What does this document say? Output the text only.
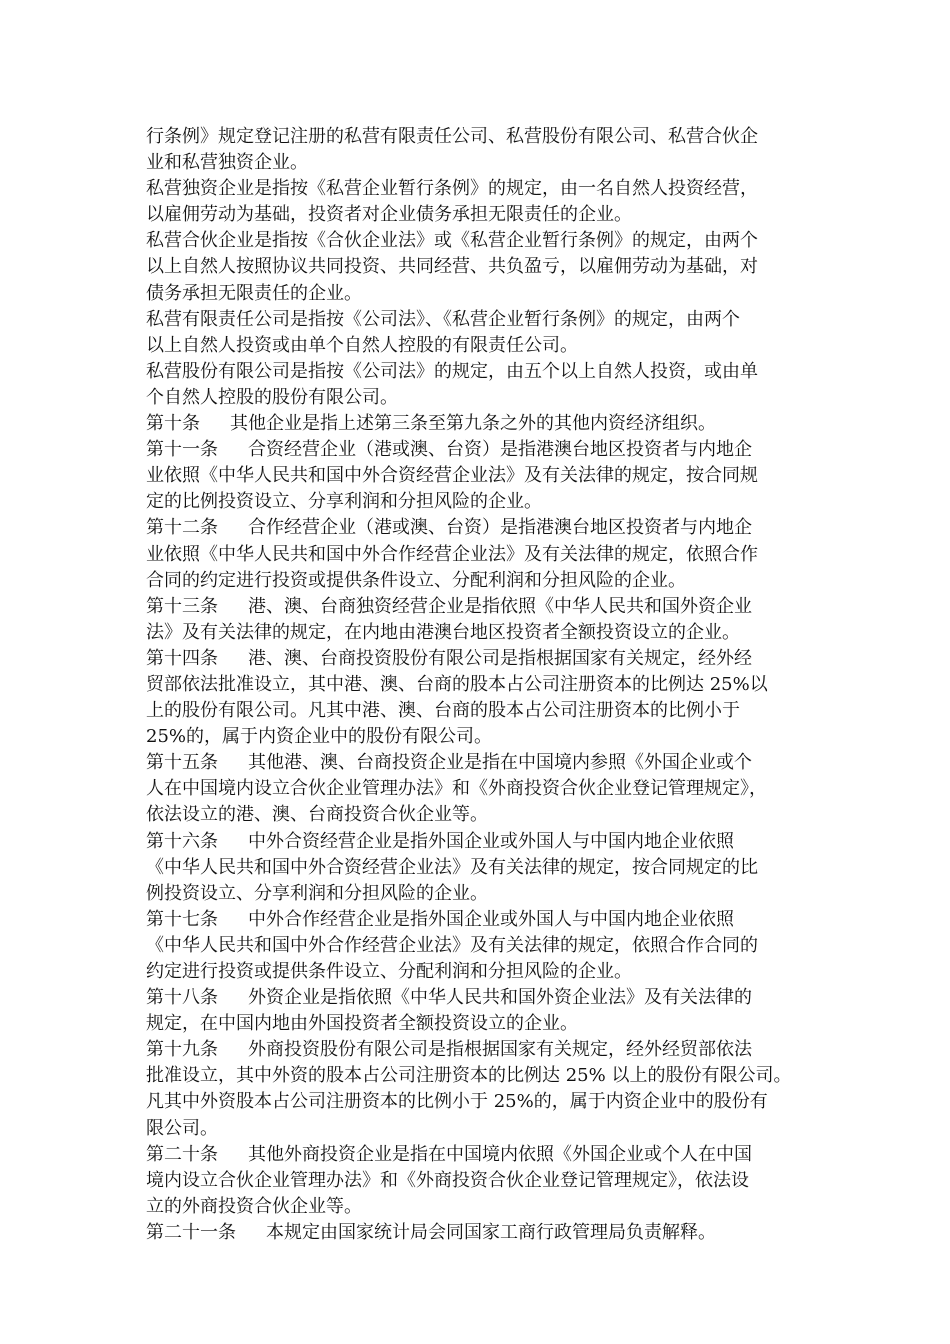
行条例》规定登记注册的私营有限责任公司、私营股份有限公司、私营合伙企
业和私营独资企业。
私营独资企业是指按《私营企业暂行条例》的规定，由一名自然人投资经营，
以雇佣劳动为基础，投资者对企业债务承担无限责任的企业。
私营合伙企业是指按《合伙企业法》或《私营企业暂行条例》的规定，由两个
以上自然人按照协议共同投资、共同经营、共负盈亏，以雇佣劳动为基础，对
债务承担无限责任的企业。
私营有限责任公司是指按《公司法》、《私营企业暂行条例》的规定，由两个
以上自然人投资或由单个自然人控股的有限责任公司。
私营股份有限公司是指按《公司法》的规定，由五个以上自然人投资，或由单
个自然人控股的股份有限公司。
第十条 其他企业是指上述第三条至第九条之外的其他内资经济组织。
第十一条 合资经营企业（港或澳、台资）是指港澳台地区投资者与内地企
业依照《中华人民共和国中外合资经营企业法》及有关法律的规定，按合同规
定的比例投资设立、分享利润和分担风险的企业。
第十二条 合作经营企业（港或澳、台资）是指港澳台地区投资者与内地企
业依照《中华人民共和国中外合作经营企业法》及有关法律的规定，依照合作
合同的约定进行投资或提供条件设立、分配利润和分担风险的企业。
第十三条 港、澳、台商独资经营企业是指依照《中华人民共和国外资企业
法》及有关法律的规定，在内地由港澳台地区投资者全额投资设立的企业。
第十四条 港、澳、台商投资股份有限公司是指根据国家有关规定，经外经
贸部依法批准设立，其中港、澳、台商的股本占公司注册资本的比例达 25%以
上的股份有限公司。凡其中港、澳、台商的股本占公司注册资本的比例小于
25%的，属于内资企业中的股份有限公司。
第十五条 其他港、澳、台商投资企业是指在中国境内参照《外国企业或个
人在中国境内设立合伙企业管理办法》和《外商投资合伙企业登记管理规定》，
依法设立的港、澳、台商投资合伙企业等。
第十六条 中外合资经营企业是指外国企业或外国人与中国内地企业依照
《中华人民共和国中外合资经营企业法》及有关法律的规定，按合同规定的比
例投资设立、分享利润和分担风险的企业。
第十七条 中外合作经营企业是指外国企业或外国人与中国内地企业依照
《中华人民共和国中外合作经营企业法》及有关法律的规定，依照合作合同的
约定进行投资或提供条件设立、分配利润和分担风险的企业。
第十八条 外资企业是指依照《中华人民共和国外资企业法》及有关法律的
规定，在中国内地由外国投资者全额投资设立的企业。
第十九条 外商投资股份有限公司是指根据国家有关规定，经外经贸部依法
批准设立，其中外资的股本占公司注册资本的比例达 25% 以上的股份有限公司。
凡其中外资股本占公司注册资本的比例小于 25%的，属于内资企业中的股份有
限公司。
第二十条 其他外商投资企业是指在中国境内依照《外国企业或个人在中国
境内设立合伙企业管理办法》和《外商投资合伙企业登记管理规定》，依法设
立的外商投资合伙企业等。
第二十一条 本规定由国家统计局会同国家工商行政管理局负责解释。
